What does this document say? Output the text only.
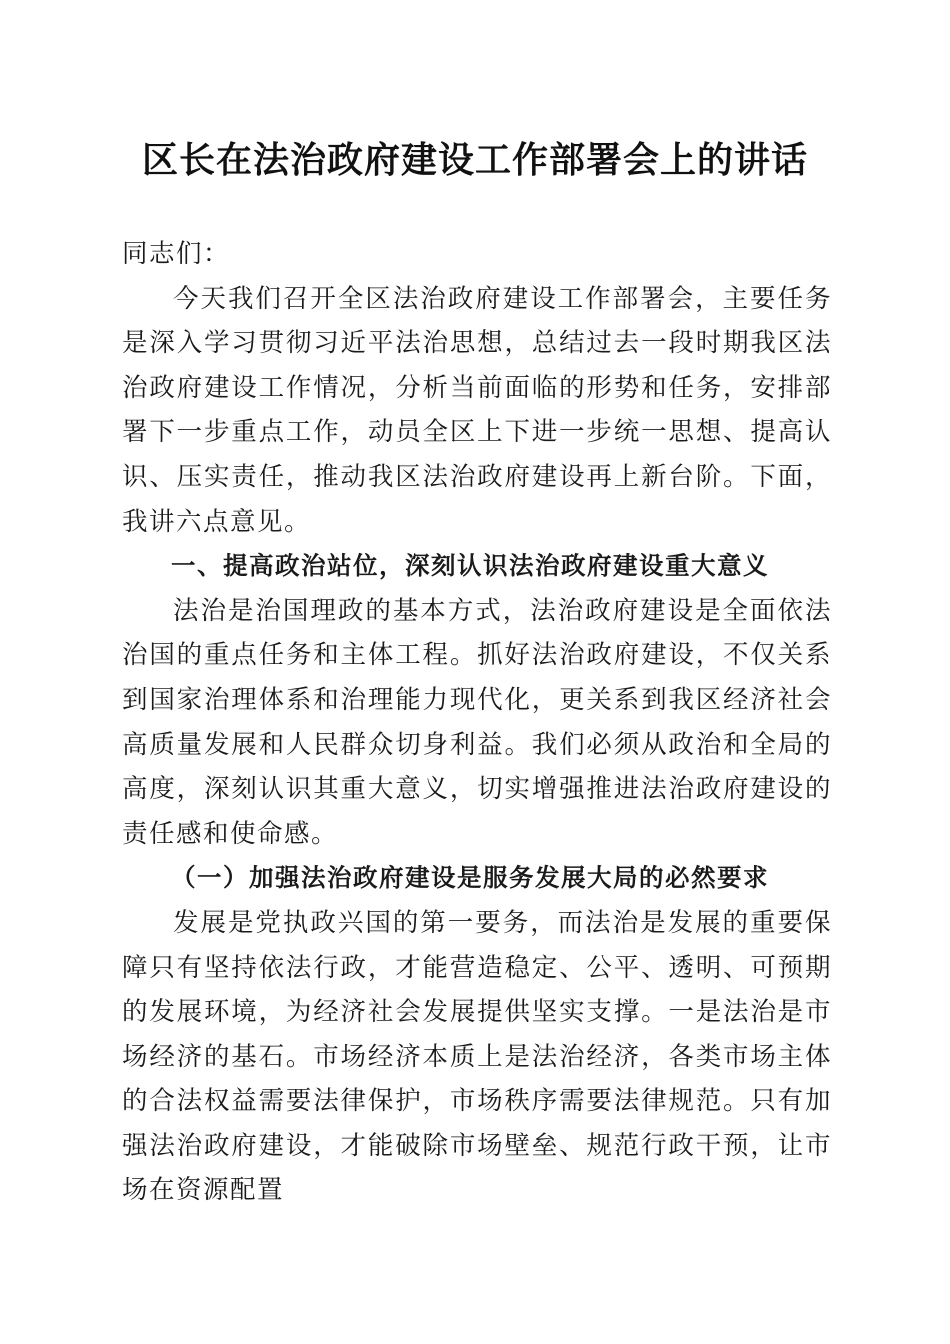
区长在法治政府建设工作部署会上的讲话

同志们：

今天我们召开全区法治政府建设工作部署会，主要任务是深入学习贯彻习近平法治思想，总结过去一段时期我区法治政府建设工作情况，分析当前面临的形势和任务，安排部署下一步重点工作，动员全区上下进一步统一思想、提高认识、压实责任，推动我区法治政府建设再上新台阶。下面，我讲六点意见。

一、提高政治站位，深刻认识法治政府建设重大意义

法治是治国理政的基本方式，法治政府建设是全面依法治国的重点任务和主体工程。抓好法治政府建设，不仅关系到国家治理体系和治理能力现代化，更关系到我区经济社会高质量发展和人民群众切身利益。我们必须从政治和全局的高度，深刻认识其重大意义，切实增强推进法治政府建设的责任感和使命感。

（一）加强法治政府建设是服务发展大局的必然要求

发展是党执政兴国的第一要务，而法治是发展的重要保障只有坚持依法行政，才能营造稳定、公平、透明、可预期的发展环境，为经济社会发展提供坚实支撑。一是法治是市场经济的基石。市场经济本质上是法治经济，各类市场主体的合法权益需要法律保护，市场秩序需要法律规范。只有加强法治政府建设，才能破除市场壁垒、规范行政干预，让市场在资源配置
